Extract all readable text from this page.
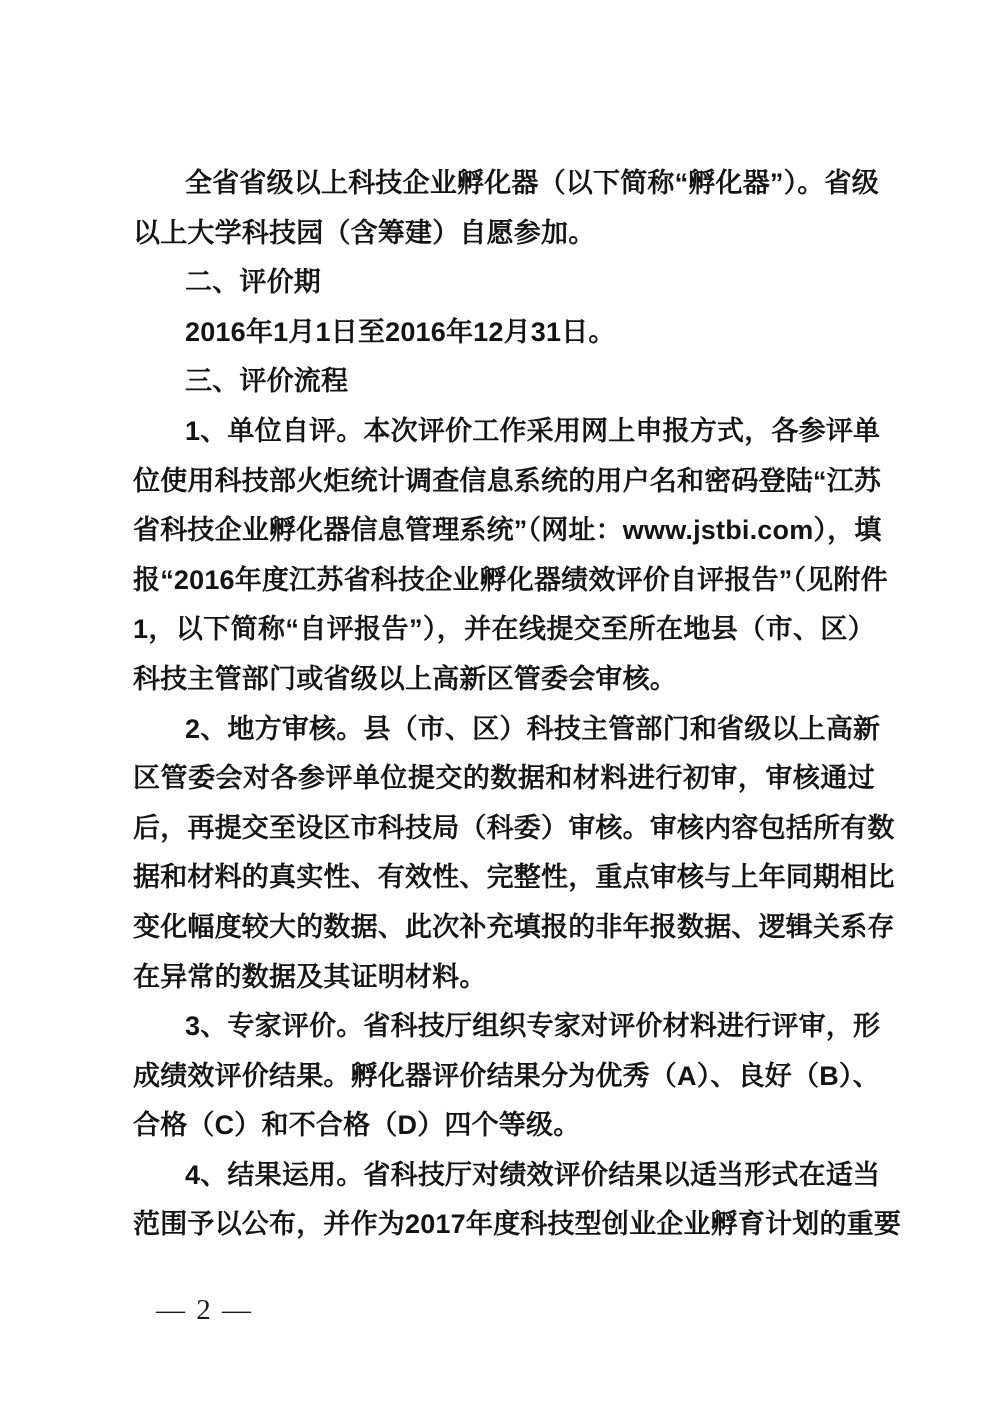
全省省级以上科技企业孵化器（以下简称“孵化器”）。省级
以上大学科技园（含筹建）自愿参加。
二、评价期
2016年1月1日至2016年12月31日。
三、评价流程
1、单位自评。本次评价工作采用网上申报方式，各参评单
位使用科技部火炬统计调查信息系统的用户名和密码登陆“江苏
省科技企业孵化器信息管理系统”（网址：www.jstbi.com），填
报“2016年度江苏省科技企业孵化器绩效评价自评报告”（见附件
1，以下简称“自评报告”），并在线提交至所在地县（市、区）
科技主管部门或省级以上高新区管委会审核。
2、地方审核。县（市、区）科技主管部门和省级以上高新
区管委会对各参评单位提交的数据和材料进行初审，审核通过
后，再提交至设区市科技局（科委）审核。审核内容包括所有数
据和材料的真实性、有效性、完整性，重点审核与上年同期相比
变化幅度较大的数据、此次补充填报的非年报数据、逻辑关系存
在异常的数据及其证明材料。
3、专家评价。省科技厅组织专家对评价材料进行评审，形
成绩效评价结果。孵化器评价结果分为优秀（A）、良好（B）、
合格（C）和不合格（D）四个等级。
4、结果运用。省科技厅对绩效评价结果以适当形式在适当
范围予以公布，并作为2017年度科技型创业企业孵育计划的重要
— 2 —
